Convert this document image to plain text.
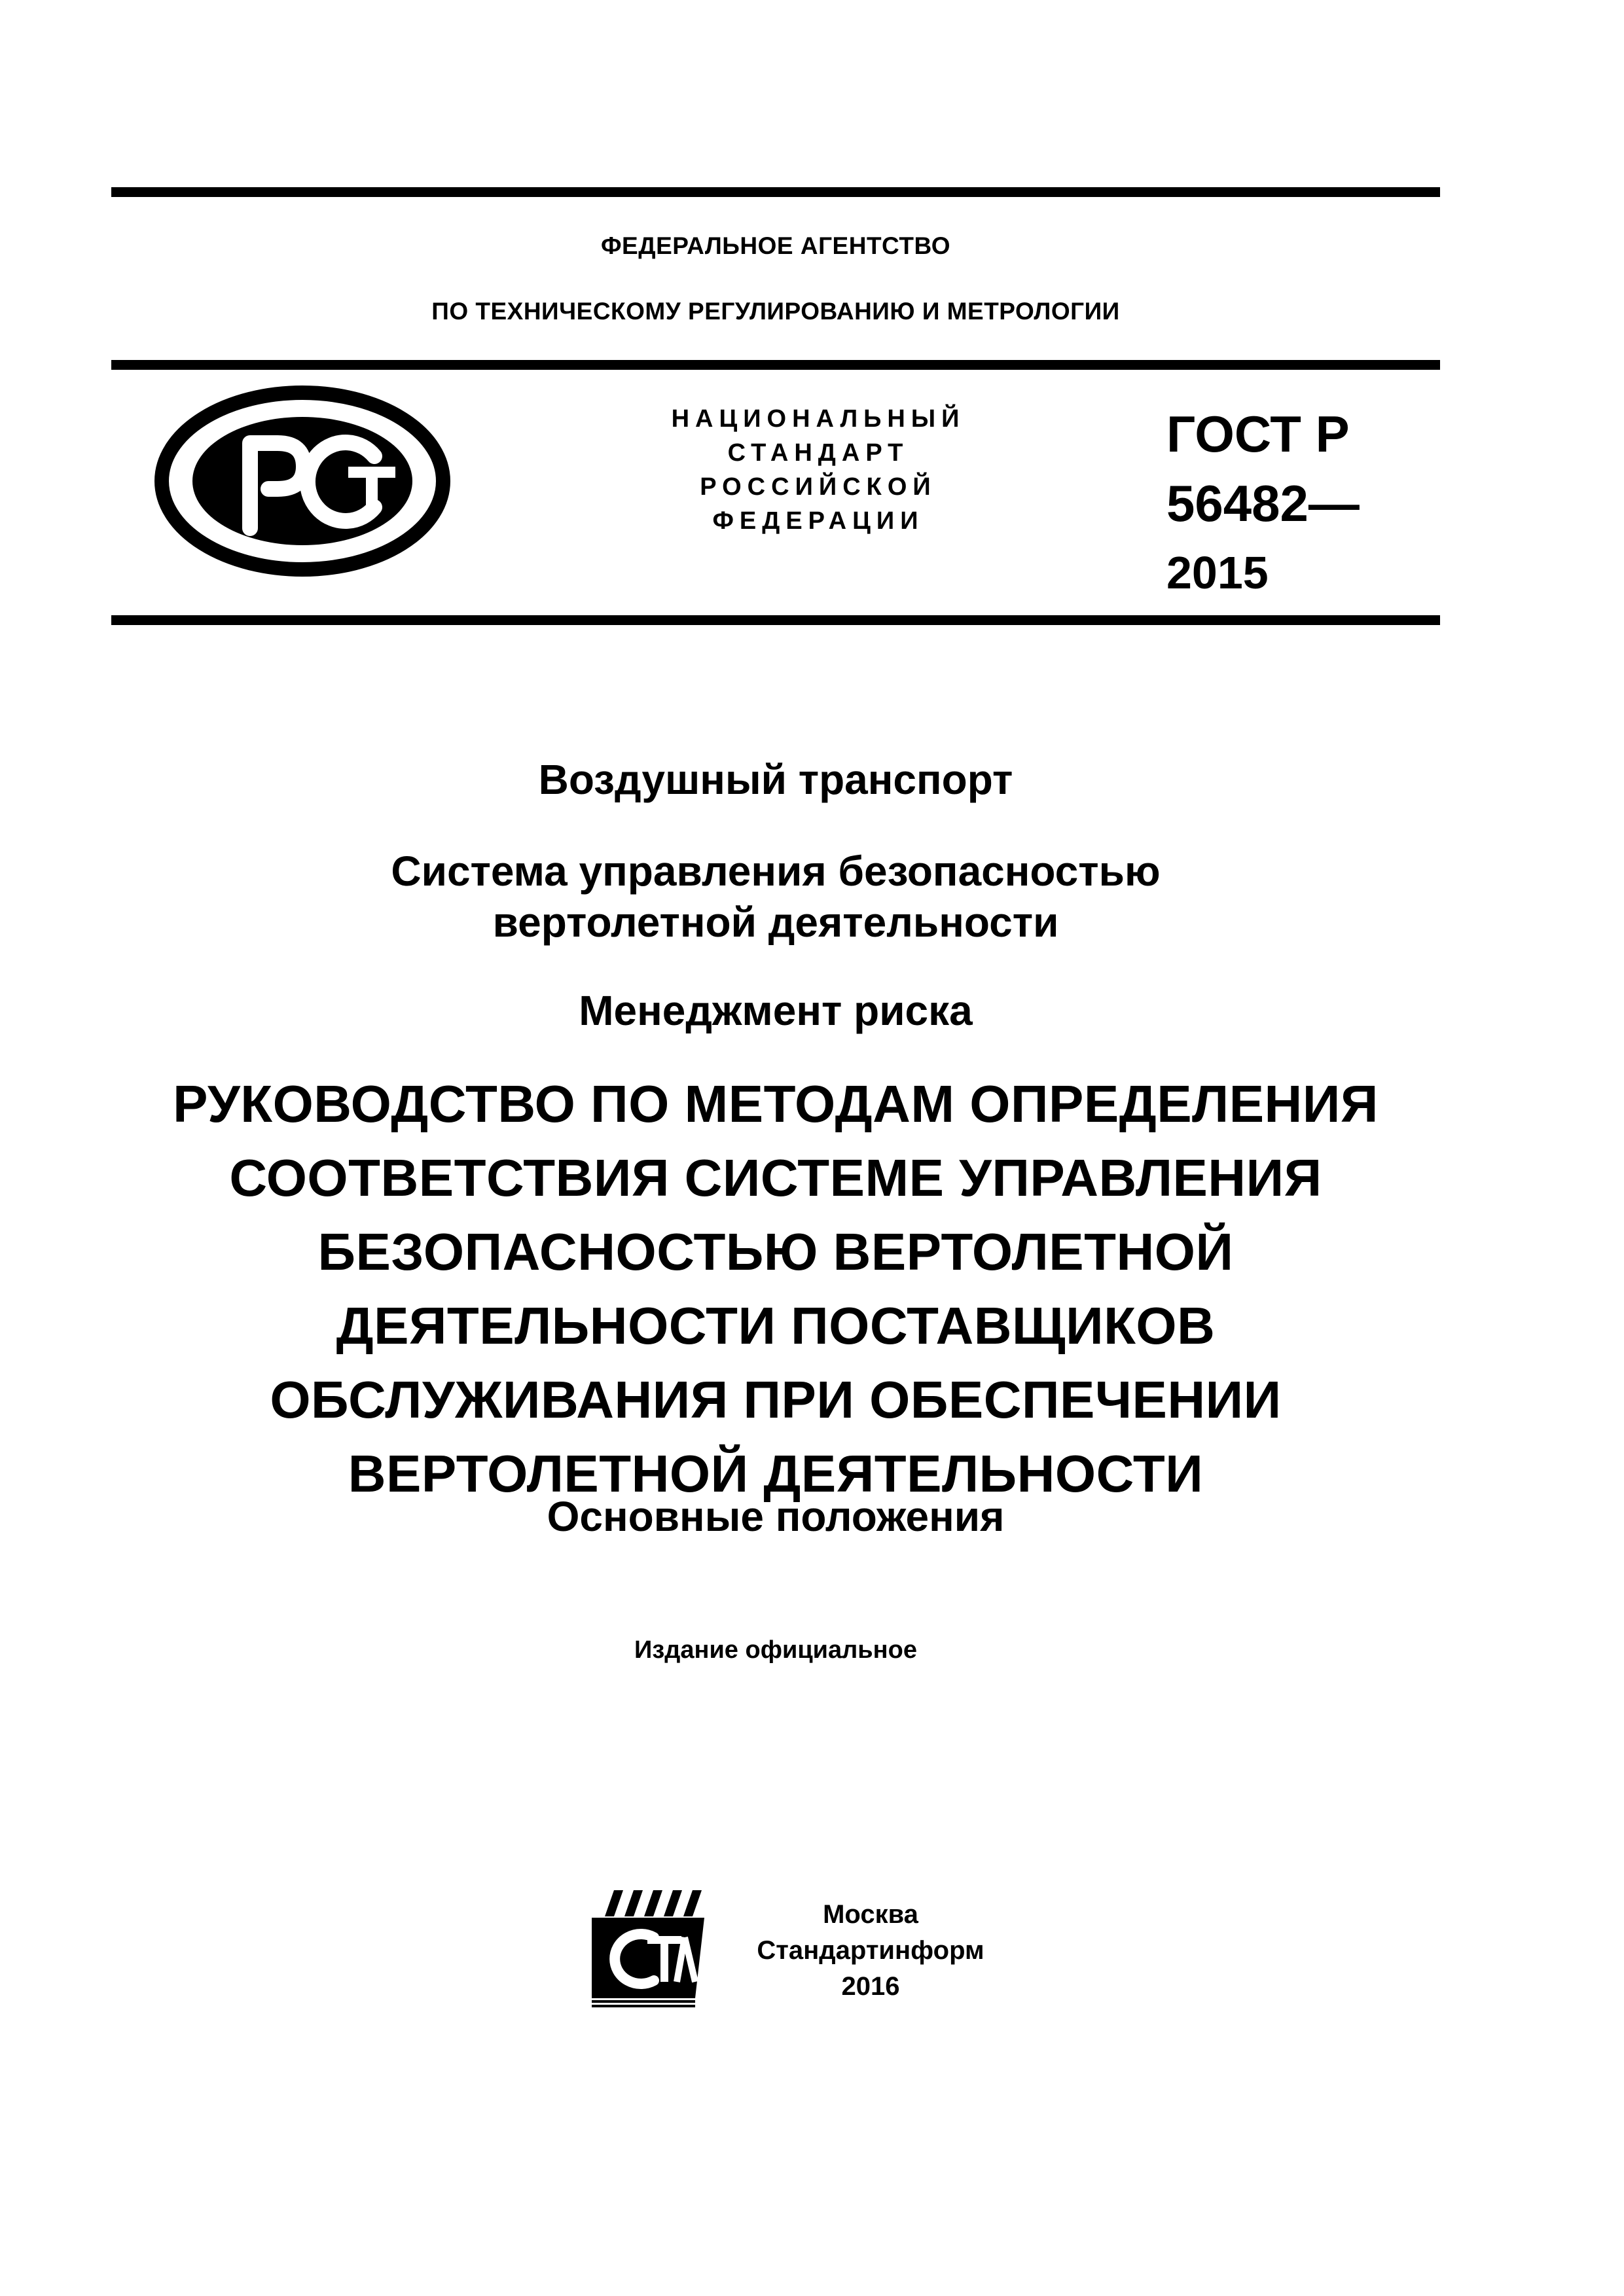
ФЕДЕРАЛЬНОЕ АГЕНТСТВО
ПО ТЕХНИЧЕСКОМУ РЕГУЛИРОВАНИЮ И МЕТРОЛОГИИ
НАЦИОНАЛЬНЫЙ
СТАНДАРТ
РОССИЙСКОЙ
ФЕДЕРАЦИИ
ГОСТ Р
56482—
2015
Воздушный транспорт
Система управления безопасностью
вертолетной деятельности
Менеджмент риска
РУКОВОДСТВО ПО МЕТОДАМ ОПРЕДЕЛЕНИЯ
СООТВЕТСТВИЯ СИСТЕМЕ УПРАВЛЕНИЯ
БЕЗОПАСНОСТЬЮ ВЕРТОЛЕТНОЙ
ДЕЯТЕЛЬНОСТИ ПОСТАВЩИКОВ
ОБСЛУЖИВАНИЯ ПРИ ОБЕСПЕЧЕНИИ
ВЕРТОЛЕТНОЙ ДЕЯТЕЛЬНОСТИ
Основные положения
Издание официальное
Москва
Стандартинформ
2016
